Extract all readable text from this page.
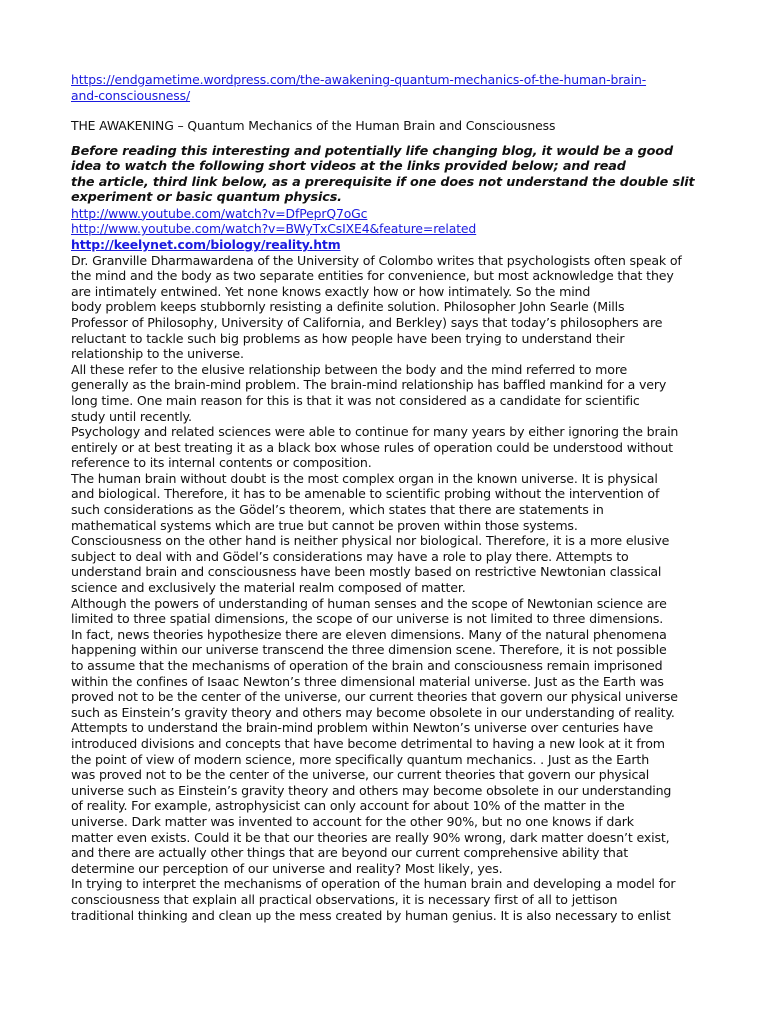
https://endgametime.wordpress.com/the-awakening-quantum-mechanics-of-the-human-brain-
and-consciousness/
THE AWAKENING – Quantum Mechanics of the Human Brain and Consciousness
Before reading this interesting and potentially life changing blog, it would be a good
idea to watch the following short videos at the links provided below; and read
the article, third link below, as a prerequisite if one does not understand the double slit
experiment or basic quantum physics.
http://www.youtube.com/watch?v=DfPeprQ7oGc
http://www.youtube.com/watch?v=BWyTxCsIXE4&feature=related
http://keelynet.com/biology/reality.htm
Dr. Granville Dharmawardena of the University of Colombo writes that psychologists often speak of
the mind and the body as two separate entities for convenience, but most acknowledge that they
are intimately entwined. Yet none knows exactly how or how intimately. So the mind
body problem keeps stubbornly resisting a definite solution. Philosopher John Searle (Mills
Professor of Philosophy, University of California, and Berkley) says that today’s philosophers are
reluctant to tackle such big problems as how people have been trying to understand their
relationship to the universe.
All these refer to the elusive relationship between the body and the mind referred to more
generally as the brain-mind problem. The brain-mind relationship has baffled mankind for a very
long time. One main reason for this is that it was not considered as a candidate for scientific
study until recently.
Psychology and related sciences were able to continue for many years by either ignoring the brain
entirely or at best treating it as a black box whose rules of operation could be understood without
reference to its internal contents or composition.
The human brain without doubt is the most complex organ in the known universe. It is physical
and biological. Therefore, it has to be amenable to scientific probing without the intervention of
such considerations as the Gödel’s theorem, which states that there are statements in
mathematical systems which are true but cannot be proven within those systems.
Consciousness on the other hand is neither physical nor biological. Therefore, it is a more elusive
subject to deal with and Gödel’s considerations may have a role to play there. Attempts to
understand brain and consciousness have been mostly based on restrictive Newtonian classical
science and exclusively the material realm composed of matter.
Although the powers of understanding of human senses and the scope of Newtonian science are
limited to three spatial dimensions, the scope of our universe is not limited to three dimensions.
In fact, news theories hypothesize there are eleven dimensions. Many of the natural phenomena
happening within our universe transcend the three dimension scene. Therefore, it is not possible
to assume that the mechanisms of operation of the brain and consciousness remain imprisoned
within the confines of Isaac Newton’s three dimensional material universe. Just as the Earth was
proved not to be the center of the universe, our current theories that govern our physical universe
such as Einstein’s gravity theory and others may become obsolete in our understanding of reality.
Attempts to understand the brain-mind problem within Newton’s universe over centuries have
introduced divisions and concepts that have become detrimental to having a new look at it from
the point of view of modern science, more specifically quantum mechanics. . Just as the Earth
was proved not to be the center of the universe, our current theories that govern our physical
universe such as Einstein’s gravity theory and others may become obsolete in our understanding
of reality. For example, astrophysicist can only account for about 10% of the matter in the
universe. Dark matter was invented to account for the other 90%, but no one knows if dark
matter even exists. Could it be that our theories are really 90% wrong, dark matter doesn’t exist,
and there are actually other things that are beyond our current comprehensive ability that
determine our perception of our universe and reality? Most likely, yes.
In trying to interpret the mechanisms of operation of the human brain and developing a model for
consciousness that explain all practical observations, it is necessary first of all to jettison
traditional thinking and clean up the mess created by human genius. It is also necessary to enlist
